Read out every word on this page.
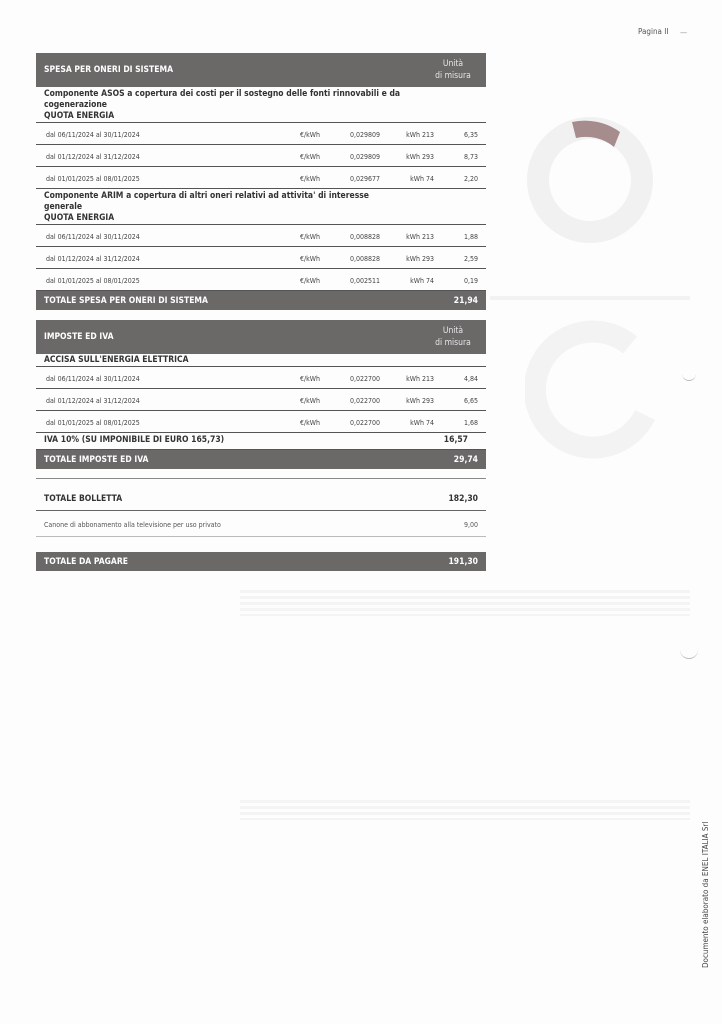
Pagina II —
SPESA PER ONERI DI SISTEMA
Unità
di misura
Componente ASOS a copertura dei costi per il sostegno delle fonti rinnovabili e da cogenerazione
QUOTA ENERGIA
dal 06/11/2024 al 30/11/2024	€/kWh	0,029809	kWh 213	6,35
dal 01/12/2024 al 31/12/2024	€/kWh	0,029809	kWh 293	8,73
dal 01/01/2025 al 08/01/2025	€/kWh	0,029677	kWh 74	2,20
Componente ARIM a copertura di altri oneri relativi ad attivita' di interesse generale
QUOTA ENERGIA
dal 06/11/2024 al 30/11/2024	€/kWh	0,008828	kWh 213	1,88
dal 01/12/2024 al 31/12/2024	€/kWh	0,008828	kWh 293	2,59
dal 01/01/2025 al 08/01/2025	€/kWh	0,002511	kWh 74	0,19
TOTALE SPESA PER ONERI DI SISTEMA	21,94
IMPOSTE ED IVA
Unità
di misura
ACCISA SULL'ENERGIA ELETTRICA
dal 06/11/2024 al 30/11/2024	€/kWh	0,022700	kWh 213	4,84
dal 01/12/2024 al 31/12/2024	€/kWh	0,022700	kWh 293	6,65
dal 01/01/2025 al 08/01/2025	€/kWh	0,022700	kWh 74	1,68
IVA 10% (SU IMPONIBILE DI EURO 165,73)	16,57
TOTALE IMPOSTE ED IVA	29,74
TOTALE BOLLETTA	182,30
Canone di abbonamento alla televisione per uso privato	9,00
TOTALE DA PAGARE	191,30
Documento elaborato da ENEL ITALIA Srl
